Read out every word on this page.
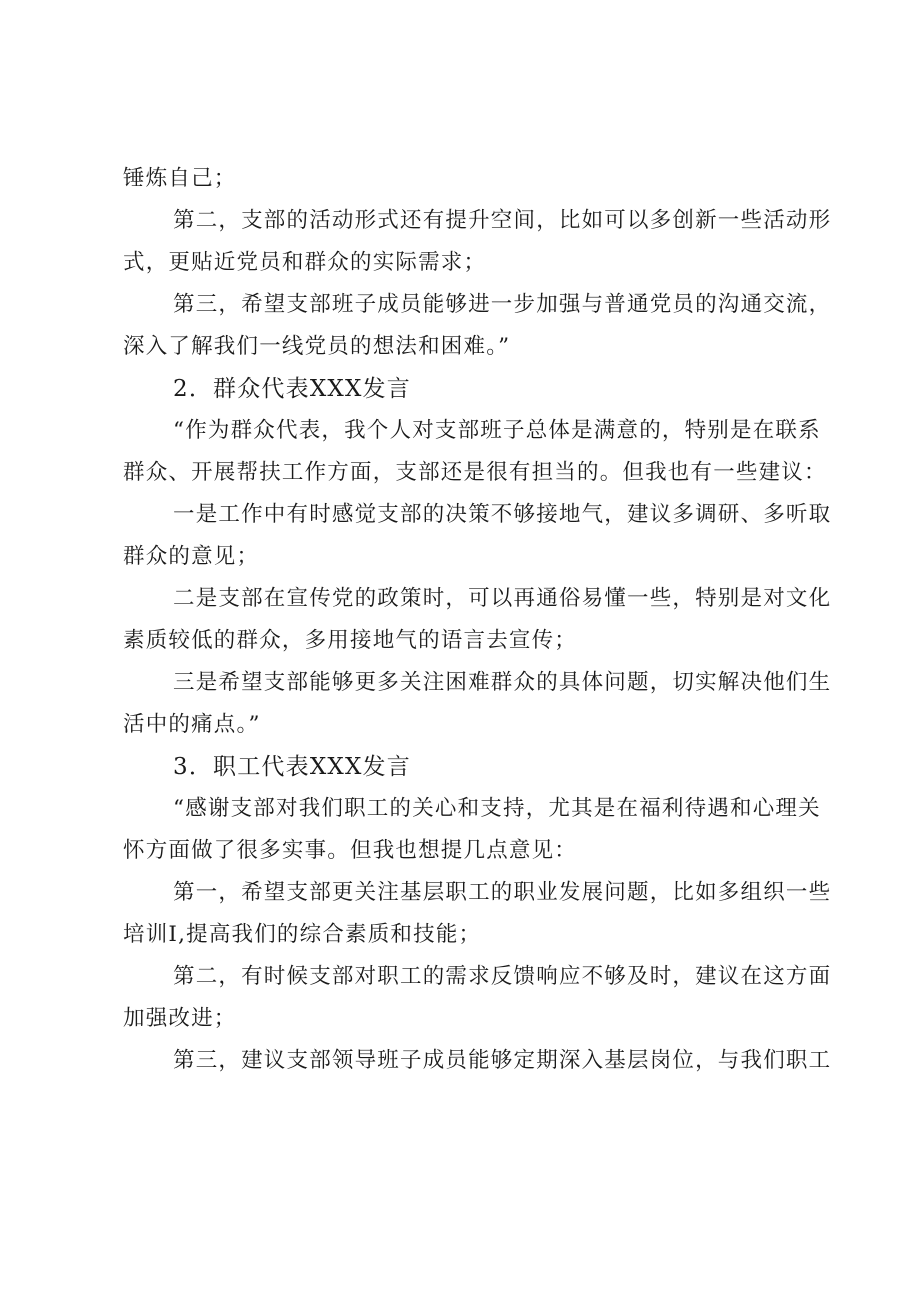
锤炼自己；
第二，支部的活动形式还有提升空间，比如可以多创新一些活动形
式，更贴近党员和群众的实际需求；
第三，希望支部班子成员能够进一步加强与普通党员的沟通交流，
深入了解我们一线党员的想法和困难。”
2．群众代表XXX发言
“作为群众代表，我个人对支部班子总体是满意的，特别是在联系
群众、开展帮扶工作方面，支部还是很有担当的。但我也有一些建议：
一是工作中有时感觉支部的决策不够接地气，建议多调研、多听取
群众的意见；
二是支部在宣传党的政策时，可以再通俗易懂一些，特别是对文化
素质较低的群众，多用接地气的语言去宣传；
三是希望支部能够更多关注困难群众的具体问题，切实解决他们生
活中的痛点。”
3．职工代表XXX发言
“感谢支部对我们职工的关心和支持，尤其是在福利待遇和心理关
怀方面做了很多实事。但我也想提几点意见：
第一，希望支部更关注基层职工的职业发展问题，比如多组织一些
培训I,提高我们的综合素质和技能；
第二，有时候支部对职工的需求反馈响应不够及时，建议在这方面
加强改进；
第三，建议支部领导班子成员能够定期深入基层岗位，与我们职工
